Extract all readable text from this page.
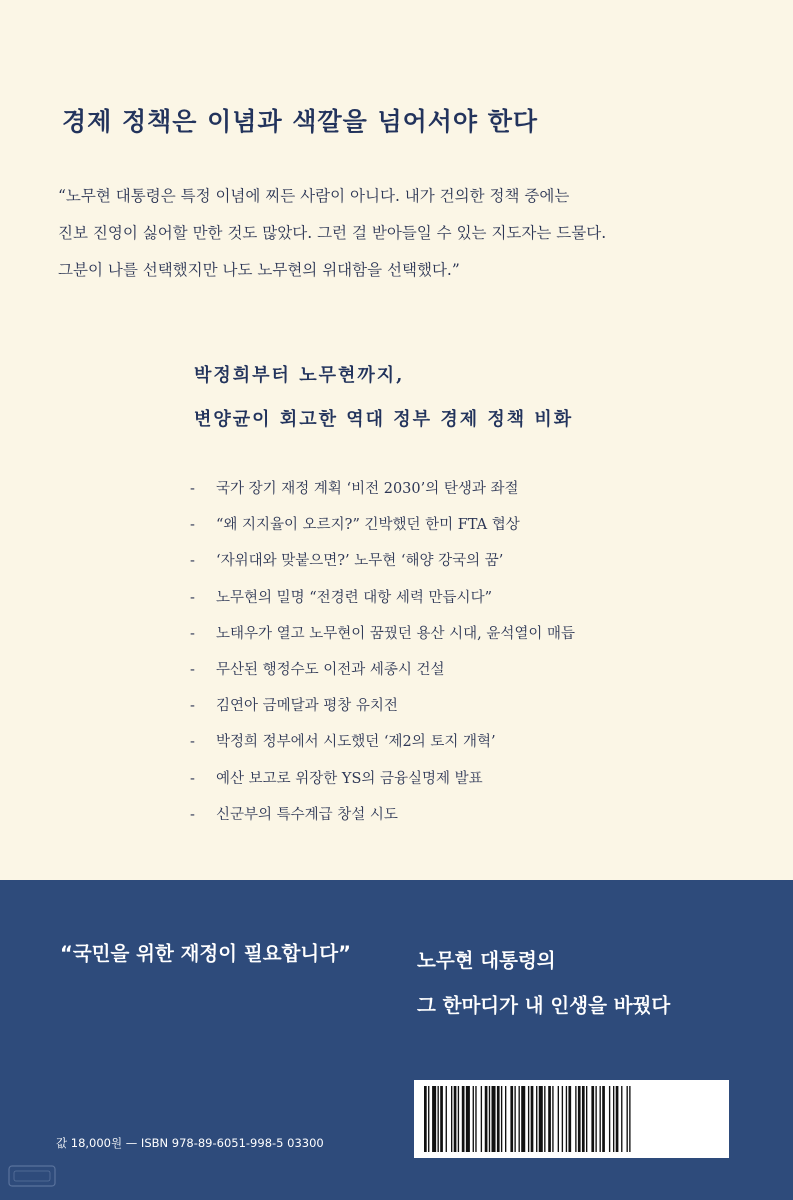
경제 정책은 이념과 색깔을 넘어서야 한다
“노무현 대통령은 특정 이념에 찌든 사람이 아니다. 내가 건의한 정책 중에는
진보 진영이 싫어할 만한 것도 많았다. 그런 걸 받아들일 수 있는 지도자는 드물다.
그분이 나를 선택했지만 나도 노무현의 위대함을 선택했다.”
박정희부터 노무현까지,
변양균이 회고한 역대 정부 경제 정책 비화
- 국가 장기 재정 계획 ‘비전 2030’의 탄생과 좌절
- “왜 지지율이 오르지?” 긴박했던 한미 FTA 협상
- ‘자위대와 맞붙으면?’ 노무현 ‘해양 강국의 꿈’
- 노무현의 밀명 “전경련 대항 세력 만듭시다”
- 노태우가 열고 노무현이 꿈꿨던 용산 시대, 윤석열이 매듭
- 무산된 행정수도 이전과 세종시 건설
- 김연아 금메달과 평창 유치전
- 박정희 정부에서 시도했던 ‘제2의 토지 개혁’
- 예산 보고로 위장한 YS의 금융실명제 발표
- 신군부의 특수계급 창설 시도
“국민을 위한 재정이 필요합니다”	노무현 대통령의
그 한마디가 내 인생을 바꿨다
값 18,000원 — ISBN 978-89-6051-998-5 03300
